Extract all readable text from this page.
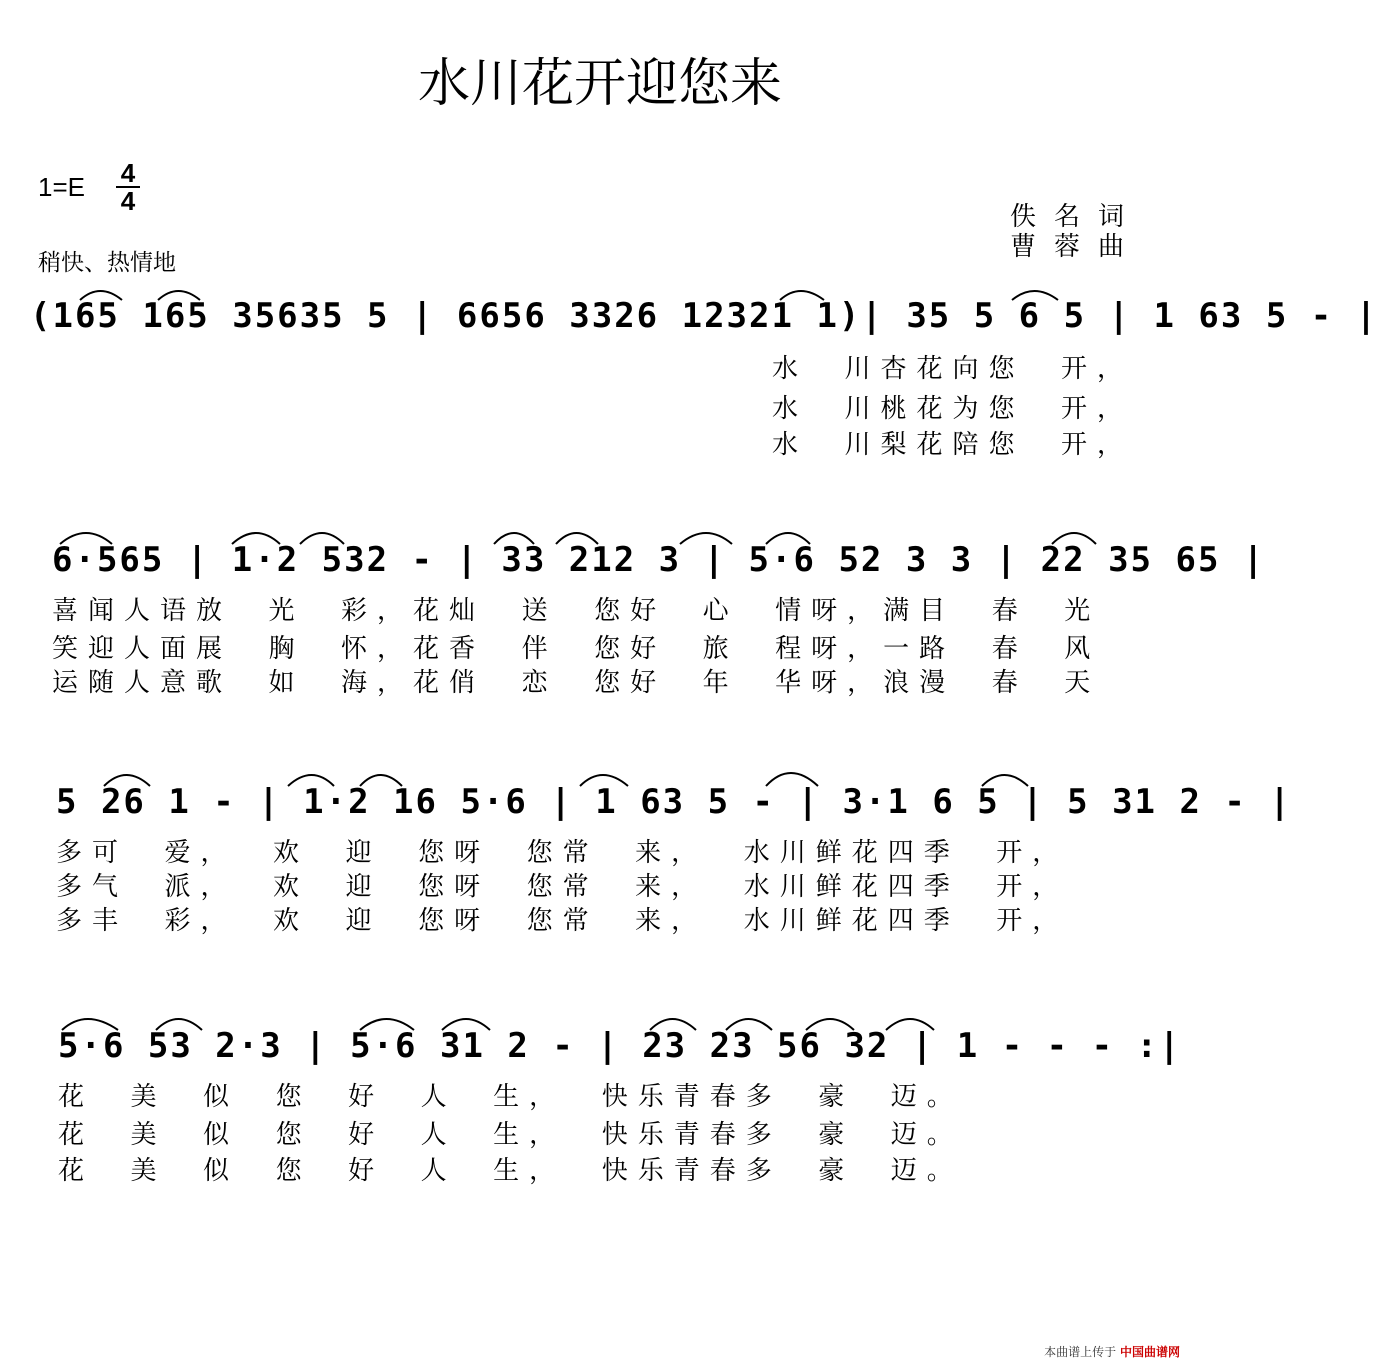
水川花开迎您来
1=E 4
4
稍快、热情地
佚名词
曹蓉曲
(165 165 35635 5 | 6656 3326 12321 1)| 35 5 6 5 | 1 63 5 - |
水  川杏花向您  开，
水  川桃花为您  开，
水  川梨花陪您  开，
6·565 | 1·2 532 - | 33 212 3 | 5·6 52 3 3 | 22 35 65 |
喜闻人语放  光  彩，花灿  送  您好  心  情呀，满目  春  光
笑迎人面展  胸  怀，花香  伴  您好  旅  程呀，一路  春  风
运随人意歌  如  海，花俏  恋  您好  年  华呀，浪漫  春  天
5 26 1 - | 1·2 16 5·6 | 1 63 5 - | 3·1 6 5 | 5 31 2 - |
多可  爱，  欢  迎  您呀  您常  来，  水川鲜花四季  开，
多气  派，  欢  迎  您呀  您常  来，  水川鲜花四季  开，
多丰  彩，  欢  迎  您呀  您常  来，  水川鲜花四季  开，
5·6 53 2·3 | 5·6 31 2 - | 23 23 56 32 | 1 - - - :|
花  美  似  您  好  人  生，  快乐青春多  豪  迈。
花  美  似  您  好  人  生，  快乐青春多  豪  迈。
花  美  似  您  好  人  生，  快乐青春多  豪  迈。
本曲谱上传于 中国曲谱网
